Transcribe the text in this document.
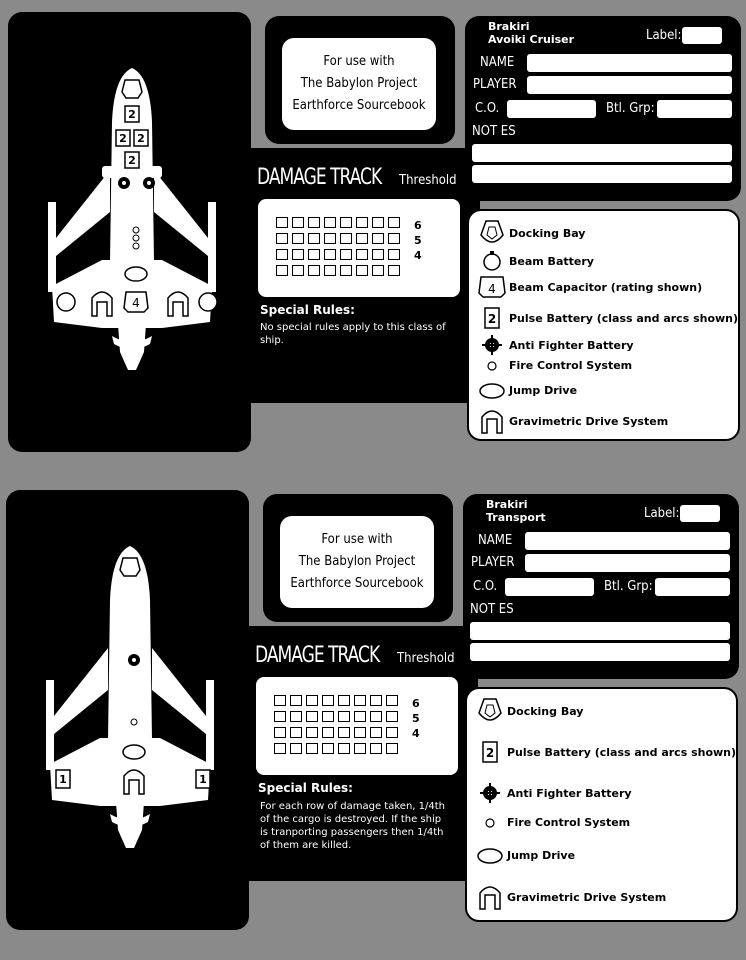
2
2 2
2
4
For use with
The Babylon Project
Earthforce Sourcebook
Brakiri
Avoiki Cruiser	Label:
NAME
PLAYER
C.O.	Btl. Grp:
NOT ES
DAMAGE TRACK Threshold
6
5
4
Special Rules:
No special rules apply to this class of ship.
Docking Bay
Beam Battery
4 Beam Capacitor (rating shown)
2 Pulse Battery (class and arcs shown)
Anti Fighter Battery
Fire Control System
Jump Drive
Gravimetric Drive System
1	1
For use with
The Babylon Project
Earthforce Sourcebook
Brakiri
Transport	Label:
NAME
PLAYER
C.O.	Btl. Grp:
NOT ES
DAMAGE TRACK Threshold
6
5
4
Special Rules:
For each row of damage taken, 1/4th of the cargo is destroyed. If the ship is tranporting passengers then 1/4th of them are killed.
Docking Bay
2 Pulse Battery (class and arcs shown)
Anti Fighter Battery
Fire Control System
Jump Drive
Gravimetric Drive System
